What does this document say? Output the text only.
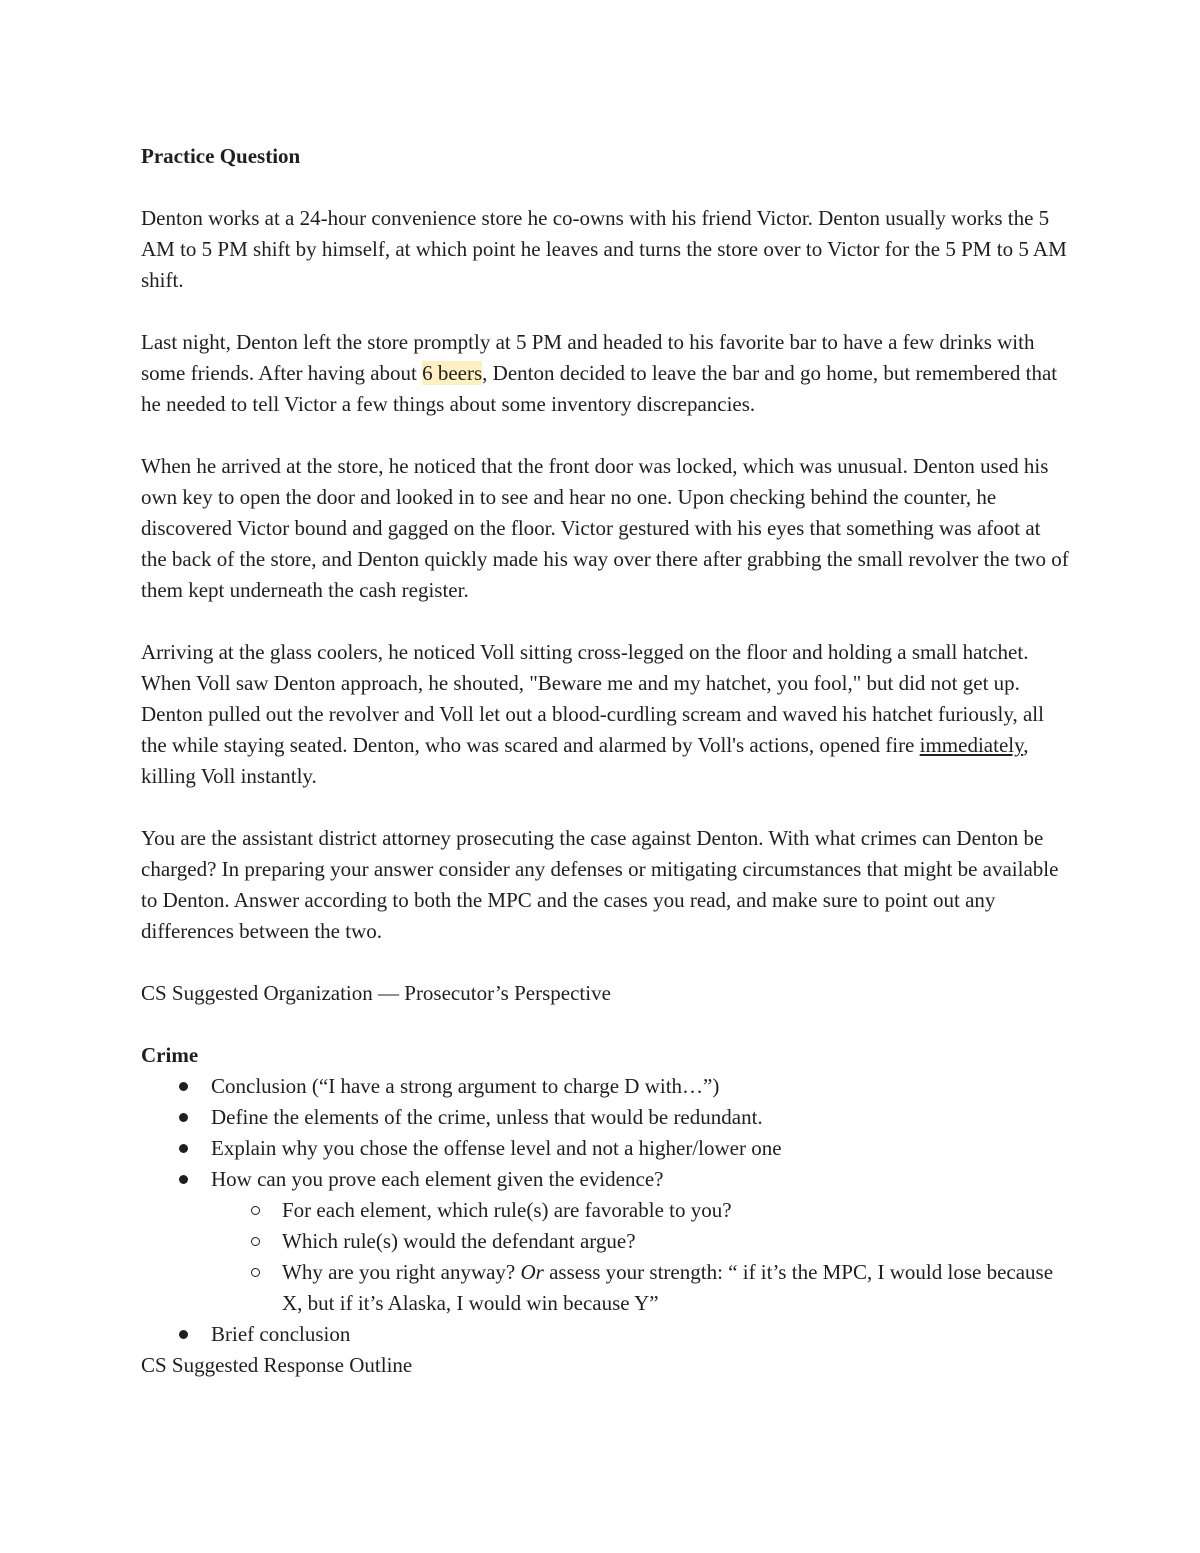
Practice Question

Denton works at a 24-hour convenience store he co-owns with his friend Victor. Denton usually works the 5 AM to 5 PM shift by himself, at which point he leaves and turns the store over to Victor for the 5 PM to 5 AM shift.

Last night, Denton left the store promptly at 5 PM and headed to his favorite bar to have a few drinks with some friends. After having about 6 beers, Denton decided to leave the bar and go home, but remembered that he needed to tell Victor a few things about some inventory discrepancies.

When he arrived at the store, he noticed that the front door was locked, which was unusual. Denton used his own key to open the door and looked in to see and hear no one. Upon checking behind the counter, he discovered Victor bound and gagged on the floor. Victor gestured with his eyes that something was afoot at the back of the store, and Denton quickly made his way over there after grabbing the small revolver the two of them kept underneath the cash register.

Arriving at the glass coolers, he noticed Voll sitting cross-legged on the floor and holding a small hatchet. When Voll saw Denton approach, he shouted, "Beware me and my hatchet, you fool," but did not get up. Denton pulled out the revolver and Voll let out a blood-curdling scream and waved his hatchet furiously, all the while staying seated. Denton, who was scared and alarmed by Voll's actions, opened fire immediately, killing Voll instantly.

You are the assistant district attorney prosecuting the case against Denton. With what crimes can Denton be charged? In preparing your answer consider any defenses or mitigating circumstances that might be available to Denton. Answer according to both the MPC and the cases you read, and make sure to point out any differences between the two.

CS Suggested Organization — Prosecutor’s Perspective

Crime

Conclusion (“I have a strong argument to charge D with…”)
Define the elements of the crime, unless that would be redundant.
Explain why you chose the offense level and not a higher/lower one
How can you prove each element given the evidence?
For each element, which rule(s) are favorable to you?
Which rule(s) would the defendant argue?
Why are you right anyway? Or assess your strength: “ if it’s the MPC, I would lose because X, but if it’s Alaska, I would win because Y”
Brief conclusion

CS Suggested Response Outline
